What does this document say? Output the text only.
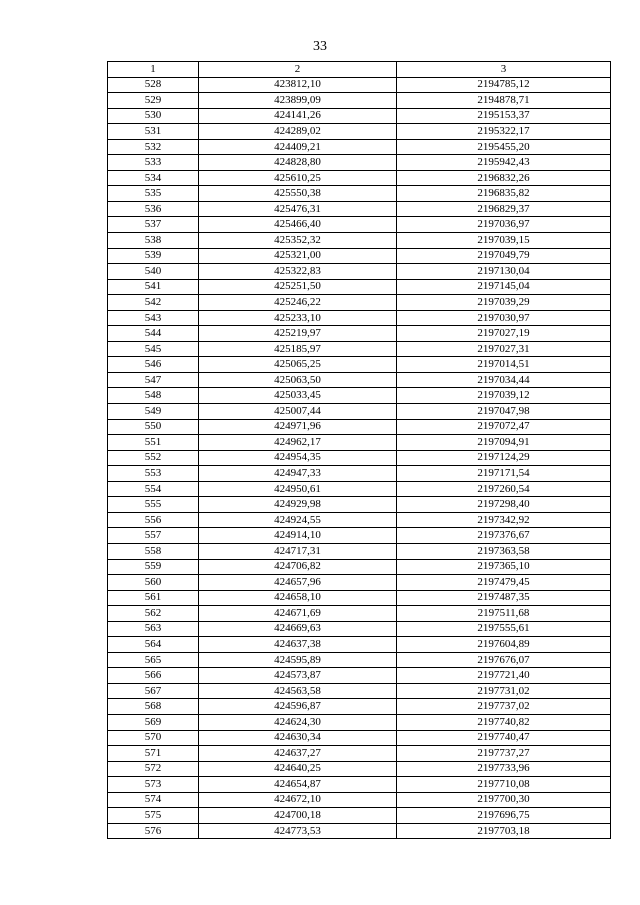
33
1	2	3
528	423812,10	2194785,12
529	423899,09	2194878,71
530	424141,26	2195153,37
531	424289,02	2195322,17
532	424409,21	2195455,20
533	424828,80	2195942,43
534	425610,25	2196832,26
535	425550,38	2196835,82
536	425476,31	2196829,37
537	425466,40	2197036,97
538	425352,32	2197039,15
539	425321,00	2197049,79
540	425322,83	2197130,04
541	425251,50	2197145,04
542	425246,22	2197039,29
543	425233,10	2197030,97
544	425219,97	2197027,19
545	425185,97	2197027,31
546	425065,25	2197014,51
547	425063,50	2197034,44
548	425033,45	2197039,12
549	425007,44	2197047,98
550	424971,96	2197072,47
551	424962,17	2197094,91
552	424954,35	2197124,29
553	424947,33	2197171,54
554	424950,61	2197260,54
555	424929,98	2197298,40
556	424924,55	2197342,92
557	424914,10	2197376,67
558	424717,31	2197363,58
559	424706,82	2197365,10
560	424657,96	2197479,45
561	424658,10	2197487,35
562	424671,69	2197511,68
563	424669,63	2197555,61
564	424637,38	2197604,89
565	424595,89	2197676,07
566	424573,87	2197721,40
567	424563,58	2197731,02
568	424596,87	2197737,02
569	424624,30	2197740,82
570	424630,34	2197740,47
571	424637,27	2197737,27
572	424640,25	2197733,96
573	424654,87	2197710,08
574	424672,10	2197700,30
575	424700,18	2197696,75
576	424773,53	2197703,18
